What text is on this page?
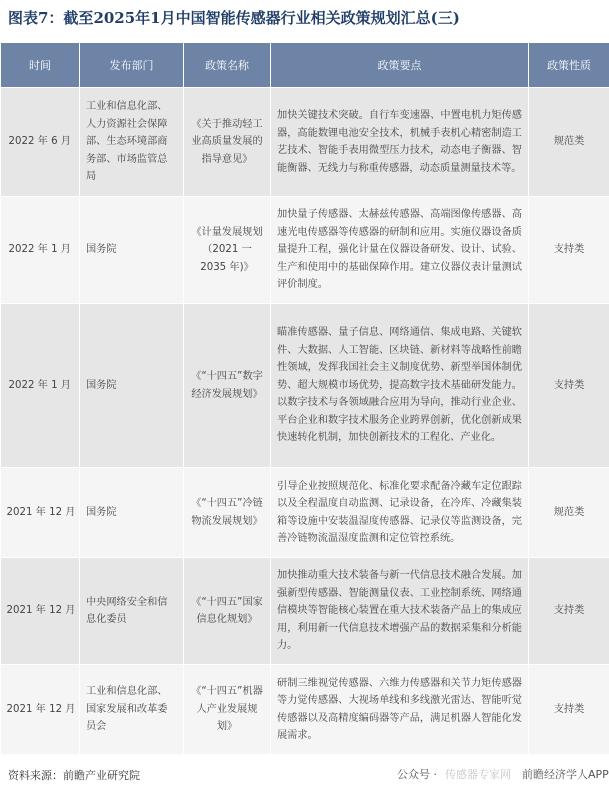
图表7：截至2025年1月中国智能传感器行业相关政策规划汇总(三)
时间	发布部门	政策名称	政策要点	政策性质
2022 年 6 月	工业和信息化部、人力资源社会保障部、生态环境部商务部、市场监管总局	《关于推动轻工业高质量发展的指导意见》	加快关键技术突破。自行车变速器、中置电机力矩传感器，高能数锂电池安全技术，机械手表机心精密制造工艺技术、智能手表用微型压力技术，动态电子衡器、智能衡器、无线力与称重传感器，动态质量测量技术等。	规范类
2022 年 1 月	国务院	《计量发展规划（2021 一 2035 年)》	加快量子传感器、太赫兹传感器、高端图像传感器、高速光电传感器等传感器的研制和应用。实施仪器设备质量提升工程，强化计量在仪器设备研发、设计、试验、生产和使用中的基础保障作用。建立仪器仪表计量测试评价制度。	支持类
2022 年 1 月	国务院	《“十四五”数字经济发展规划》	瞄准传感器、量子信息、网络通信、集成电路、关键软件、大数据、人工智能、区块链、新材料等战略性前瞻性领域，发挥我国社会主义制度优势、新型举国体制优势、超大规模市场优势，提高数字技术基础研发能力。以数字技术与各领域融合应用为导向，推动行业企业、平台企业和数字技术服务企业跨界创新，优化创新成果快速转化机制，加快创新技术的工程化、产业化。	支持类
2021 年 12 月	国务院	《“十四五”冷链物流发展规划》	引导企业按照规范化、标准化要求配备冷藏车定位跟踪以及全程温度自动监测、记录设备，在冷库、冷藏集装箱等设施中安装温湿度传感器、记录仪等监测设备，完善冷链物流温湿度监测和定位管控系统。	规范类
2021 年 12 月	中央网络安全和信息化委员	《“十四五”国家信息化规划》	加快推动重大技术装备与新一代信息技术融合发展。加强新型传感器、智能测量仪表、工业控制系统、网络通信模块等智能核心装置在重大技术装备产品上的集成应用，利用新一代信息技术增强产品的数据采集和分析能力。	支持类
2021 年 12 月	工业和信息化部、国家发展和改革委员会	《“十四五”机器人产业发展规划》	研制三维视觉传感器、六维力传感器和关节力矩传感器等力觉传感器、大视场单线和多线激光雷达、智能听觉传感器以及高精度编码器等产品，满足机器人智能化发展需求。	支持类
资料来源：前瞻产业研究院	公众号 · 传感器专家网 前瞻经济学人APP
